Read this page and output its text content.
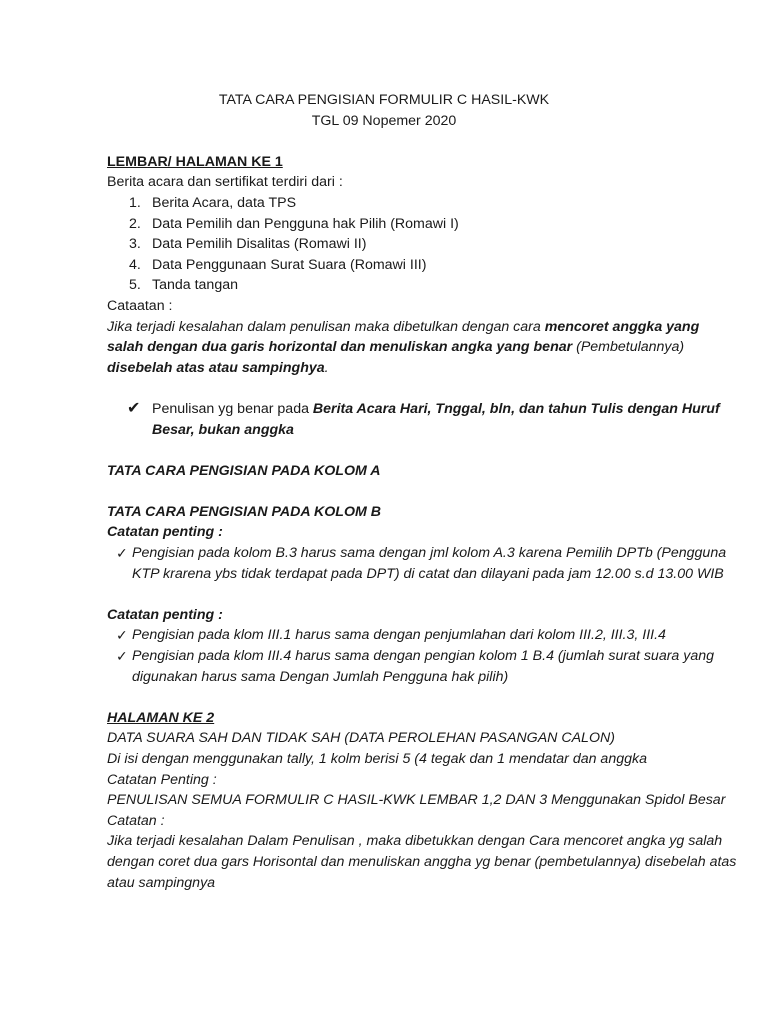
TATA CARA PENGISIAN FORMULIR C HASIL-KWK
TGL 09 Nopemer 2020
LEMBAR/ HALAMAN KE 1
Berita acara dan sertifikat terdiri dari :
1. Berita Acara, data TPS
2. Data Pemilih dan Pengguna hak Pilih (Romawi I)
3. Data Pemilih Disalitas (Romawi II)
4. Data Penggunaan Surat Suara (Romawi III)
5. Tanda tangan
Cataatan :
Jika terjadi kesalahan dalam penulisan maka dibetulkan dengan cara mencoret anggka yang salah dengan dua garis horizontal dan menuliskan angka yang benar (Pembetulannya) disebelah atas atau sampinghya.
✔ Penulisan yg benar pada Berita Acara Hari, Tnggal, bln, dan tahun Tulis dengan Huruf Besar, bukan anggka
TATA CARA PENGISIAN PADA KOLOM A
TATA CARA PENGISIAN PADA KOLOM B
Catatan penting :
✓ Pengisian pada kolom B.3 harus sama dengan jml kolom A.3 karena Pemilih DPTb (Pengguna KTP krarena ybs tidak terdapat pada DPT) di catat dan dilayani pada jam 12.00 s.d 13.00 WIB
Catatan penting :
✓ Pengisian pada klom III.1 harus sama dengan penjumlahan dari kolom III.2, III.3, III.4
✓ Pengisian pada klom III.4 harus sama dengan pengian kolom 1 B.4 (jumlah surat suara yang digunakan harus sama Dengan Jumlah Pengguna hak pilih)
HALAMAN KE 2
DATA SUARA SAH DAN TIDAK SAH (DATA PEROLEHAN PASANGAN CALON)
Di isi dengan menggunakan tally, 1 kolm berisi 5 (4 tegak dan 1 mendatar dan anggka
Catatan Penting :
PENULISAN SEMUA FORMULIR C HASIL-KWK LEMBAR 1,2 DAN 3 Menggunakan Spidol Besar
Catatan :
Jika terjadi kesalahan Dalam Penulisan , maka dibetukkan dengan Cara mencoret angka yg salah dengan coret dua gars Horisontal dan menuliskan anggha yg benar (pembetulannya) disebelah atas atau sampingnya
